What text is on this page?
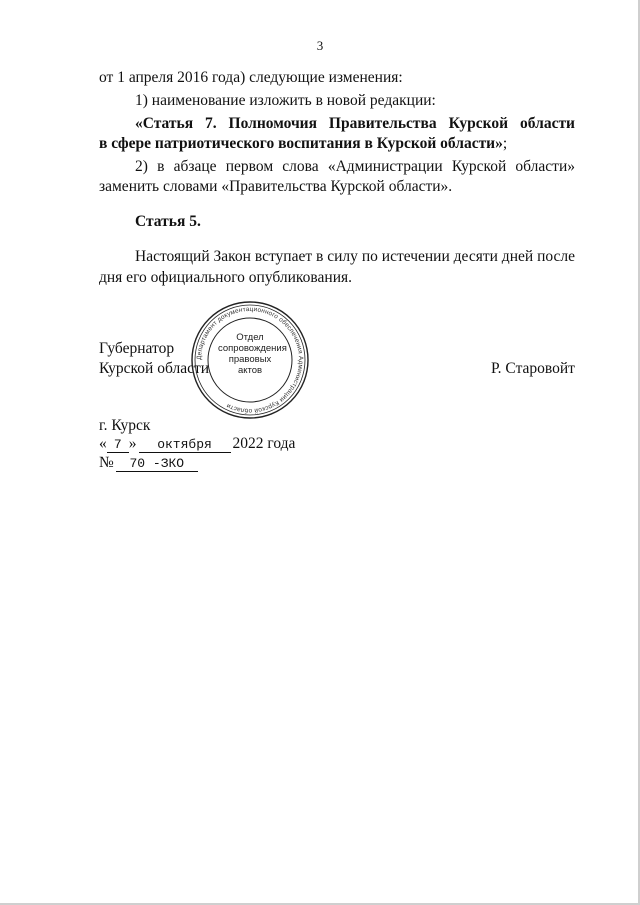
3
от 1 апреля 2016 года) следующие изменения:
1) наименование изложить в новой редакции:
«Статья 7. Полномочия Правительства Курской области
в сфере патриотического воспитания в Курской области»;
2) в абзаце первом слова «Администрации Курской области»
заменить словами «Правительства Курской области».
Статья 5.
Настоящий Закон вступает в силу по истечении десяти дней после
дня его официального опубликования.
Губернатор
Курской области	Р. Старовойт
Департамент документационного обеспечения Администрации Курской области
Отдел
сопровождения
правовых
актов
г. Курск
« 7 » октября 2022 года
№ 70 -ЗКО
